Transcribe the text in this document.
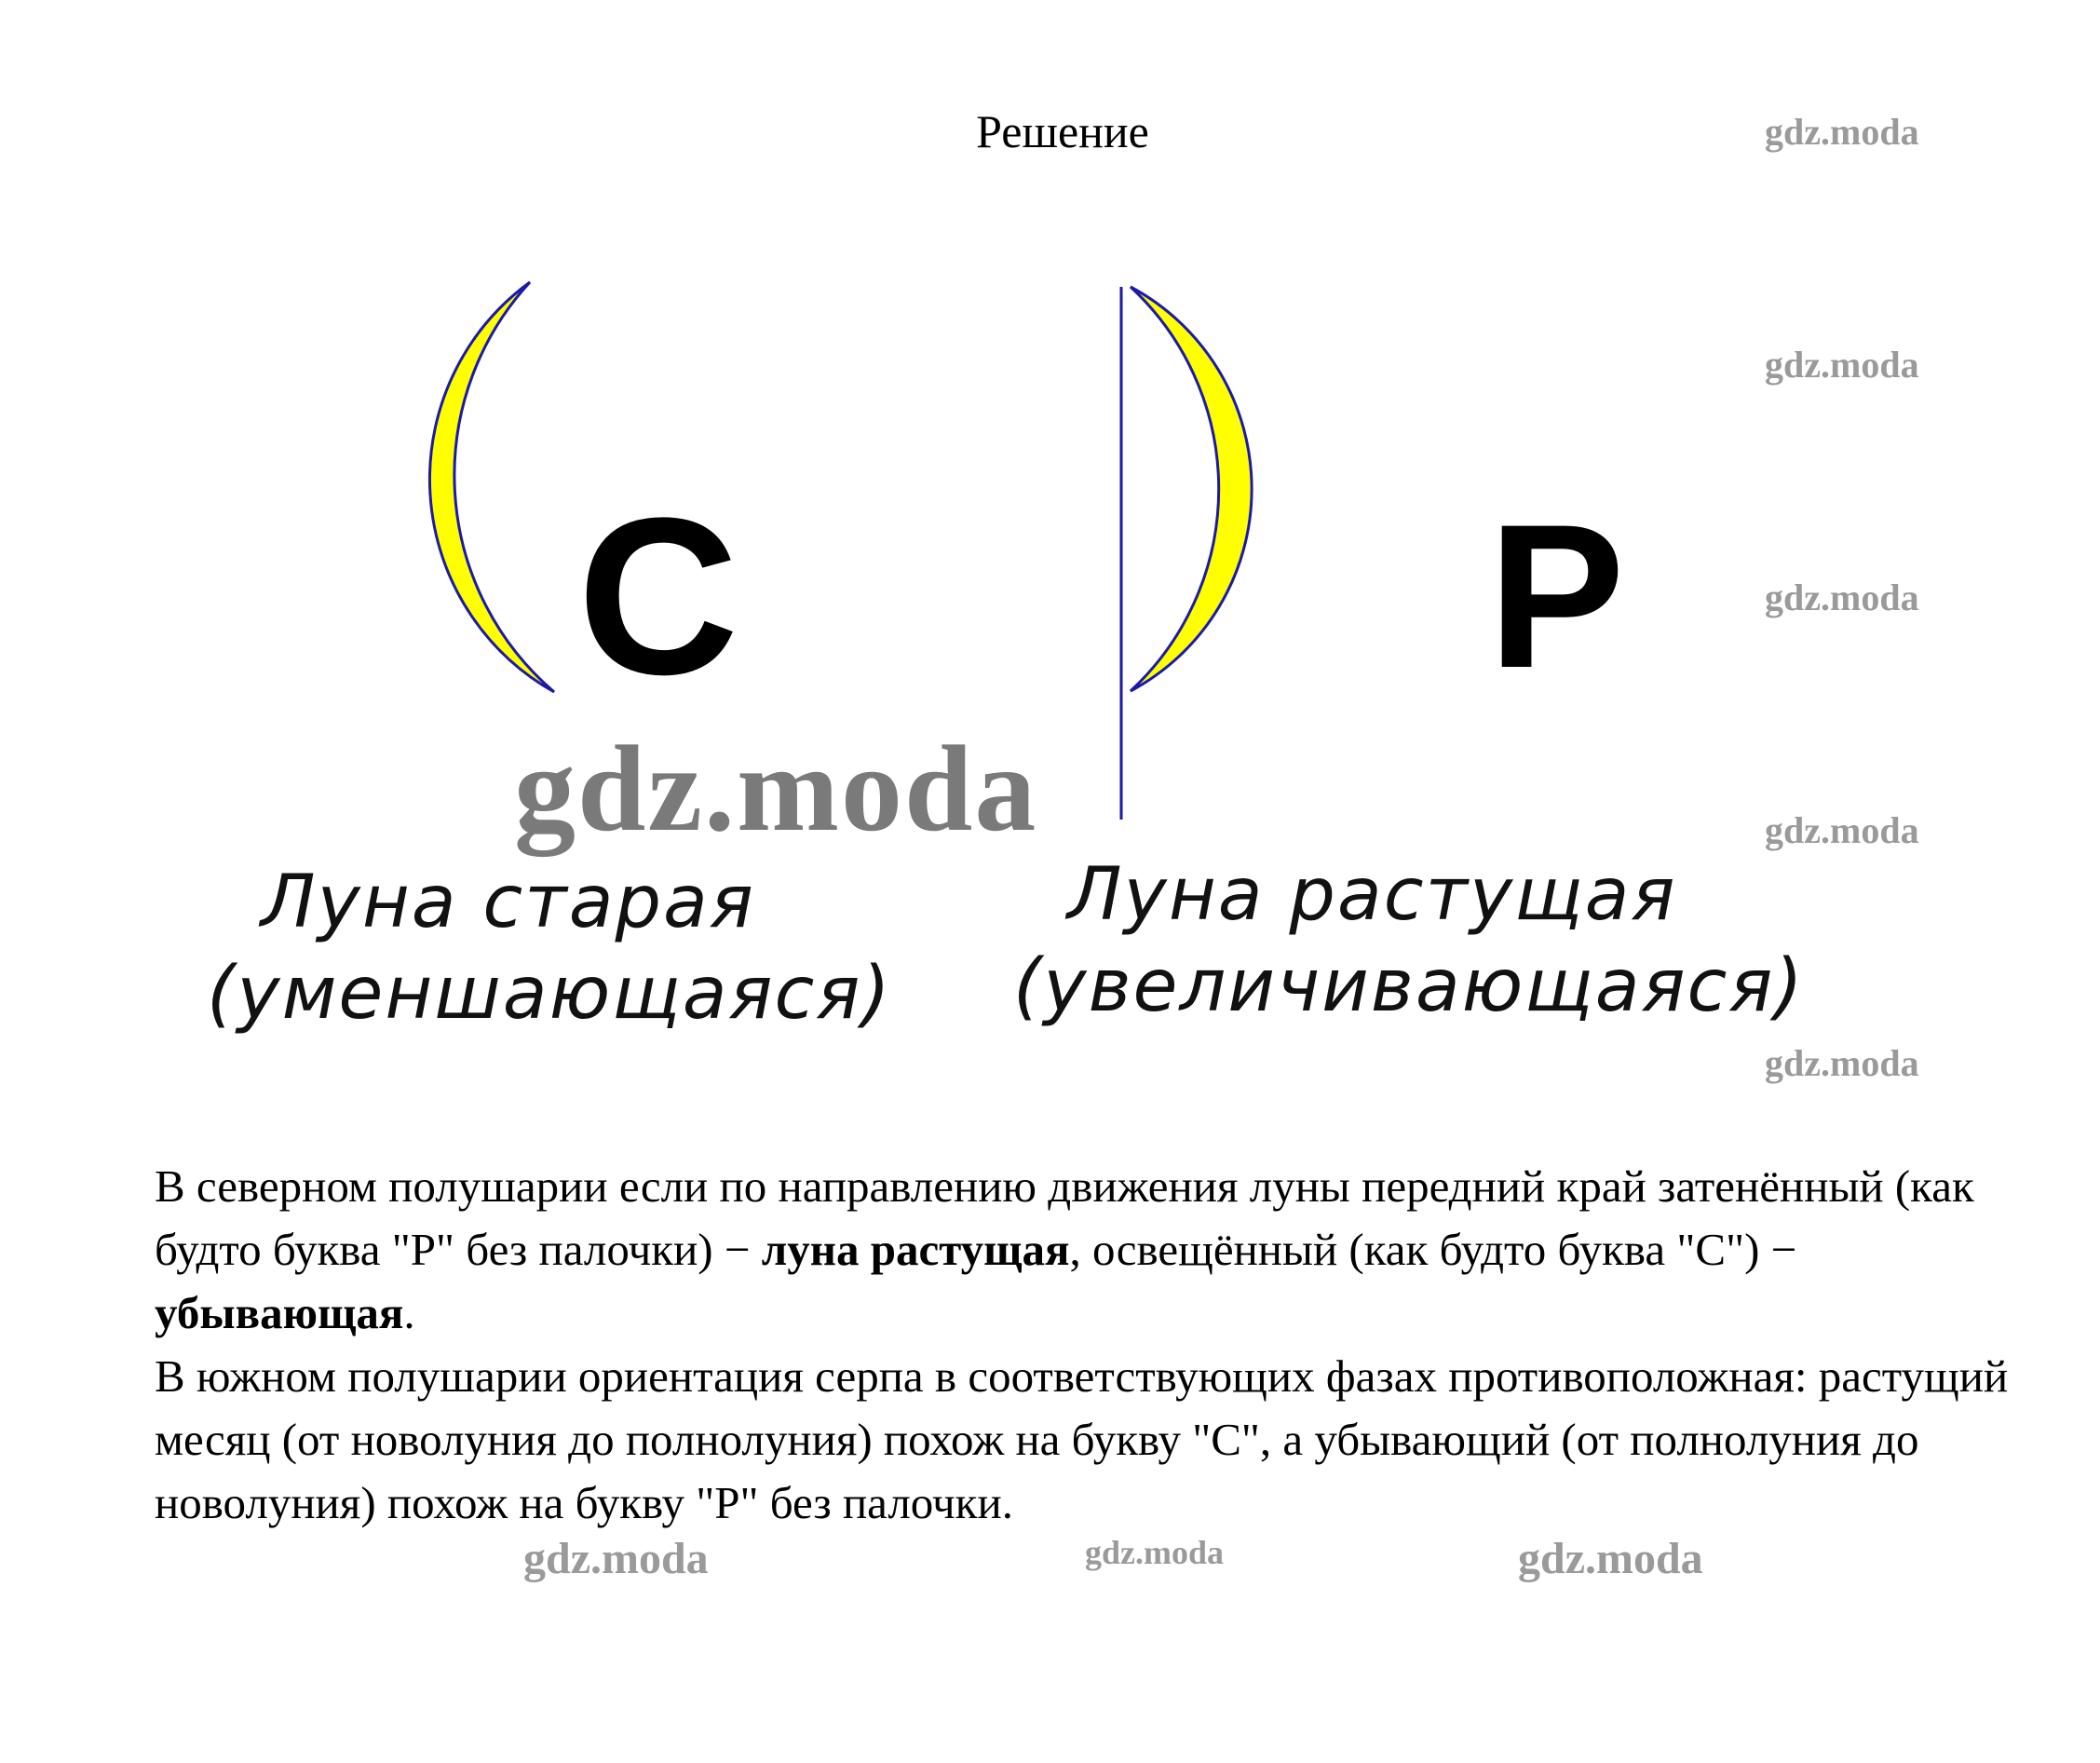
Решение	gdz.moda
gdz.moda
gdz.moda
gdz.moda
gdz.moda
С	Р
gdz.moda
Луна старая
(уменшающаяся)
Луна растущая
(увеличивающаяся)

В северном полушарии если по направлению движения луны передний край затенённый (как будто буква "Р" без палочки) − луна растущая, освещённый (как будто буква "С") − убывающая.

В южном полушарии ориентация серпа в соответствующих фазах противоположная: растущий месяц (от новолуния до полнолуния) похож на букву "С", а убывающий (от полнолуния до новолуния) похож на букву "Р" без палочки.

gdz.moda	gdz.moda	gdz.moda
